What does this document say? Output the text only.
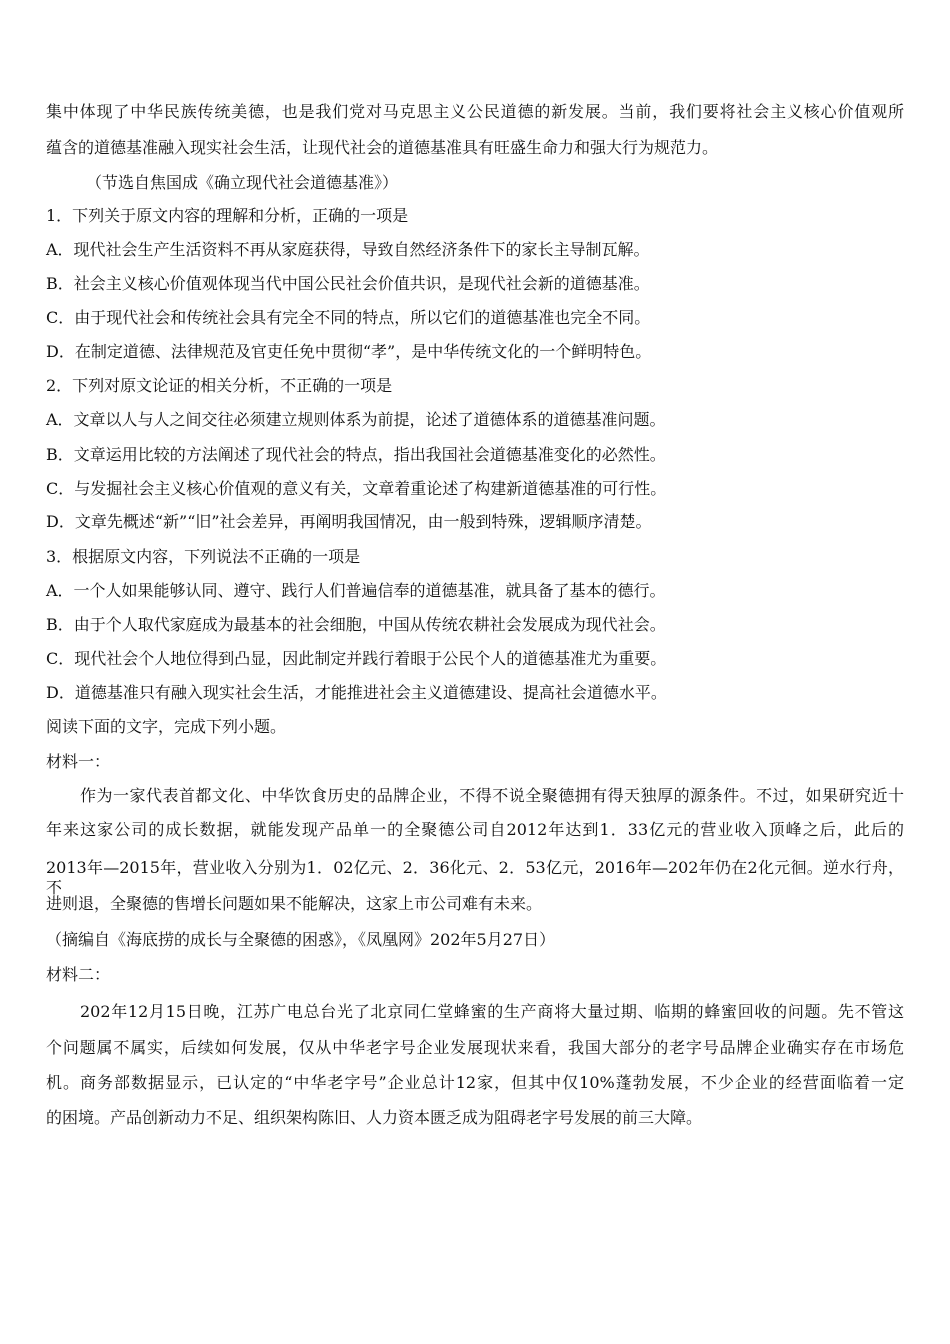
集中体现了中华民族传统美德，也是我们党对马克思主义公民道德的新发展。当前，我们要将社会主义核心价值观所
蕴含的道德基准融入现实社会生活，让现代社会的道德基准具有旺盛生命力和强大行为规范力。
（节选自焦国成《确立现代社会道德基准》）
1．下列关于原文内容的理解和分析，正确的一项是
A．现代社会生产生活资料不再从家庭获得，导致自然经济条件下的家长主导制瓦解。
B．社会主义核心价值观体现当代中国公民社会价值共识，是现代社会新的道德基准。
C．由于现代社会和传统社会具有完全不同的特点，所以它们的道德基准也完全不同。
D．在制定道德、法律规范及官吏任免中贯彻“孝”，是中华传统文化的一个鲜明特色。
2．下列对原文论证的相关分析，不正确的一项是
A．文章以人与人之间交往必须建立规则体系为前提，论述了道德体系的道德基准问题。
B．文章运用比较的方法阐述了现代社会的特点，指出我国社会道德基准变化的必然性。
C．与发掘社会主义核心价值观的意义有关，文章着重论述了构建新道德基准的可行性。
D．文章先概述“新”“旧”社会差异，再阐明我国情况，由一般到特殊，逻辑顺序清楚。
3．根据原文内容，下列说法不正确的一项是
A．一个人如果能够认同、遵守、践行人们普遍信奉的道德基准，就具备了基本的德行。
B．由于个人取代家庭成为最基本的社会细胞，中国从传统农耕社会发展成为现代社会。
C．现代社会个人地位得到凸显，因此制定并践行着眼于公民个人的道德基准尤为重要。
D．道德基准只有融入现实社会生活，才能推进社会主义道德建设、提高社会道德水平。
阅读下面的文字，完成下列小题。
材料一：
作为一家代表首都文化、中华饮食历史的品牌企业，不得不说全聚德拥有得天独厚的源条件。不过，如果研究近十
年来这家公司的成长数据，就能发现产品单一的全聚德公司自2012年达到1．33亿元的营业收入顶峰之后，此后的
2013年—2015年，营业收入分别为1．02亿元、2．36化元、2．53亿元，2016年—202年仍在2化元徊。逆水行舟，不
进则退，全聚德的售增长问题如果不能解决，这家上市公司难有未来。
（摘编自《海底捞的成长与全聚德的困惑》，《凤凰网》202年5月27日）
材料二：
202年12月15日晚，江苏广电总台光了北京同仁堂蜂蜜的生产商将大量过期、临期的蜂蜜回收的问题。先不管这
个问题属不属实，后续如何发展，仅从中华老字号企业发展现状来看，我国大部分的老字号品牌企业确实存在市场危
机。商务部数据显示，已认定的“中华老字号”企业总计12家，但其中仅10%蓬勃发展，不少企业的经营面临着一定
的困境。产品创新动力不足、组织架构陈旧、人力资本匮乏成为阻碍老字号发展的前三大障。
